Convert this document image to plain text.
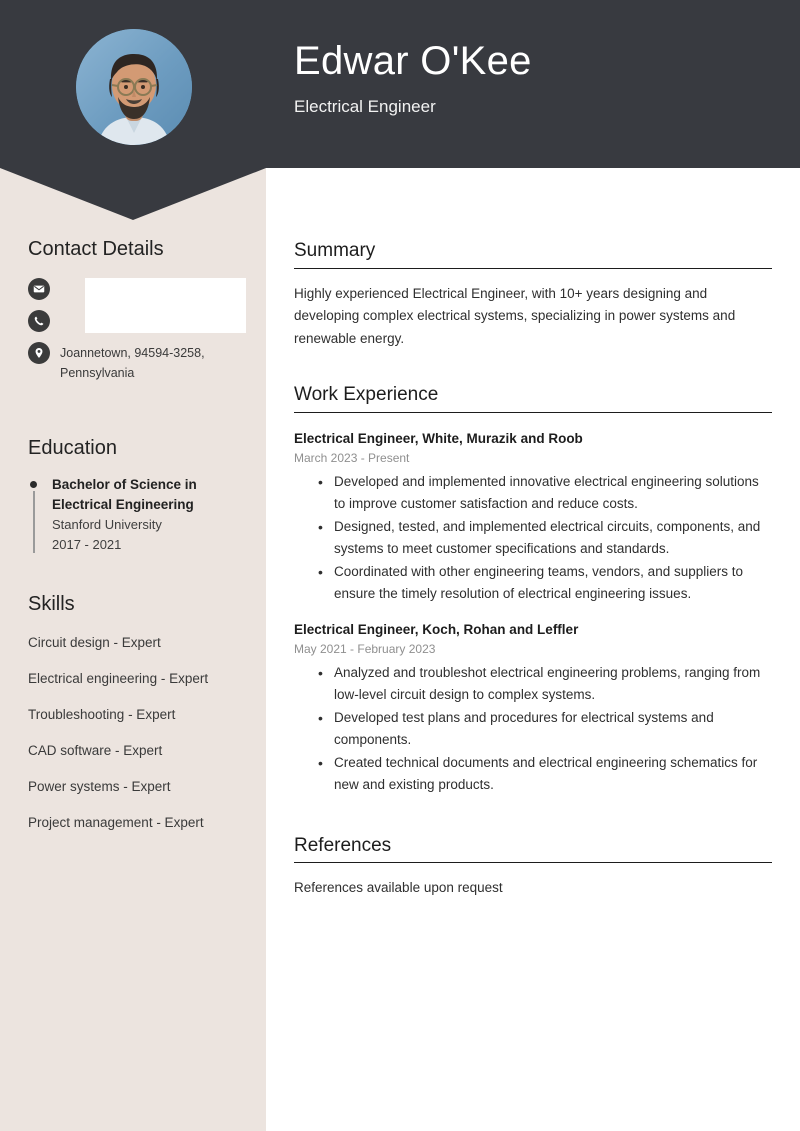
Edwar O'Kee
Electrical Engineer
Contact Details
Joannetown, 94594-3258, Pennsylvania
Education
Bachelor of Science in Electrical Engineering
Stanford University
2017 - 2021
Skills
Circuit design - Expert
Electrical engineering - Expert
Troubleshooting - Expert
CAD software - Expert
Power systems - Expert
Project management - Expert
Summary

Highly experienced Electrical Engineer, with 10+ years designing and developing complex electrical systems, specializing in power systems and renewable energy.

Work Experience
Electrical Engineer, White, Murazik and Roob
March 2023 - Present
• Developed and implemented innovative electrical engineering solutions to improve customer satisfaction and reduce costs.
• Designed, tested, and implemented electrical circuits, components, and systems to meet customer specifications and standards.
• Coordinated with other engineering teams, vendors, and suppliers to ensure the timely resolution of electrical engineering issues.
Electrical Engineer, Koch, Rohan and Leffler
May 2021 - February 2023
• Analyzed and troubleshot electrical engineering problems, ranging from low-level circuit design to complex systems.
• Developed test plans and procedures for electrical systems and components.
• Created technical documents and electrical engineering schematics for new and existing products.
References

References available upon request
